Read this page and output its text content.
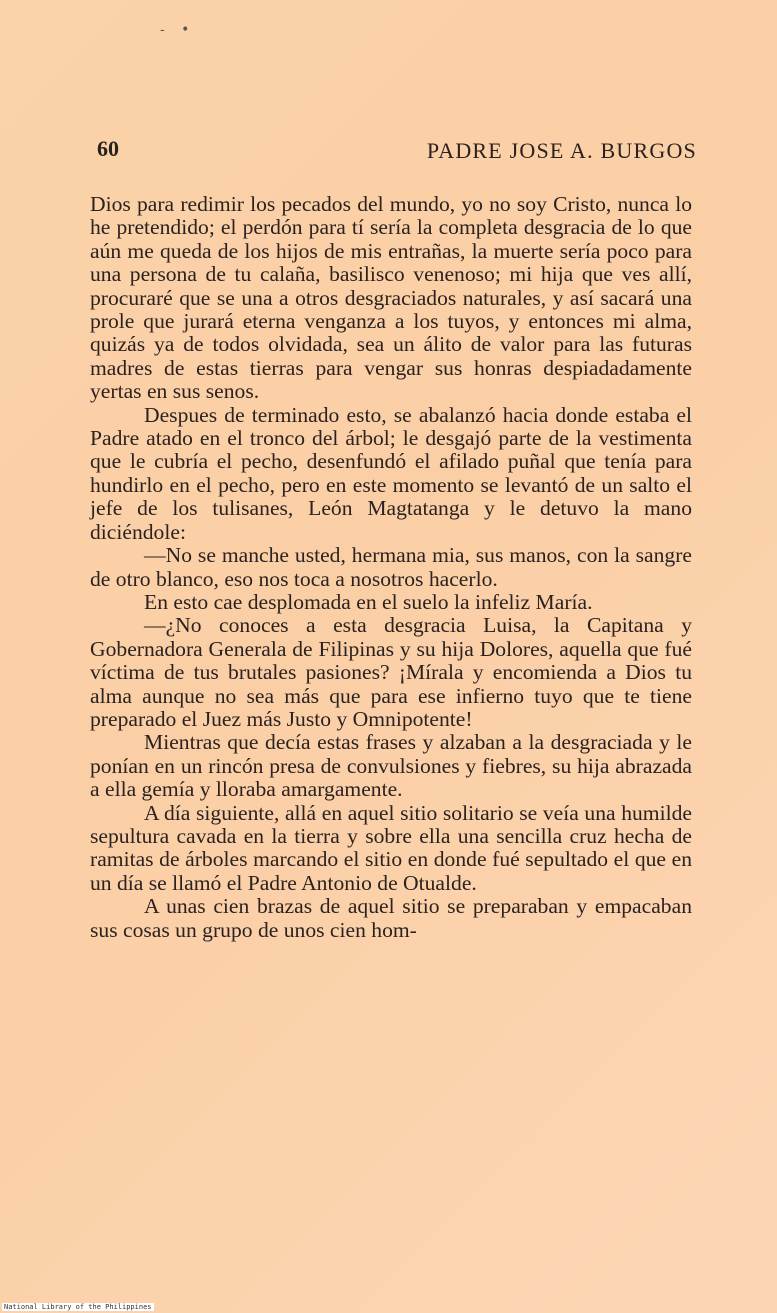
- •
60	PADRE JOSE A. BURGOS

Dios para redimir los pecados del mundo, yo no soy Cristo, nunca lo he pretendido; el perdón para tí sería la completa desgracia de lo que aún me queda de los hijos de mis entrañas, la muerte sería poco para una persona de tu calaña, basilisco venenoso; mi hija que ves allí, procuraré que se una a otros desgraciados naturales, y así sacará una prole que jurará eterna venganza a los tuyos, y entonces mi alma, quizás ya de todos olvidada, sea un álito de valor para las futuras madres de estas tierras para vengar sus honras despiadadamente yertas en sus senos.

Despues de terminado esto, se abalanzó hacia donde estaba el Padre atado en el tronco del árbol; le desgajó parte de la vestimenta que le cubría el pecho, desenfundó el afilado puñal que tenía para hundirlo en el pecho, pero en este momento se levantó de un salto el jefe de los tulisanes, León Magtatanga y le detuvo la mano diciéndole:

—No se manche usted, hermana mia, sus manos, con la sangre de otro blanco, eso nos toca a nosotros hacerlo.

En esto cae desplomada en el suelo la infeliz María.

—¿No conoces a esta desgracia Luisa, la Capitana y Gobernadora Generala de Filipinas y su hija Dolores, aquella que fué víctima de tus brutales pasiones? ¡Mírala y encomienda a Dios tu alma aunque no sea más que para ese infierno tuyo que te tiene preparado el Juez más Justo y Omnipotente!

Mientras que decía estas frases y alzaban a la desgraciada y le ponían en un rincón presa de convulsiones y fiebres, su hija abrazada a ella gemía y lloraba amargamente.

A día siguiente, allá en aquel sitio solitario se veía una humilde sepultura cavada en la tierra y sobre ella una sencilla cruz hecha de ramitas de árboles marcando el sitio en donde fué sepultado el que en un día se llamó el Padre Antonio de Otualde.

A unas cien brazas de aquel sitio se preparaban y empacaban sus cosas un grupo de unos cien hom-

National Library of the Philippines
